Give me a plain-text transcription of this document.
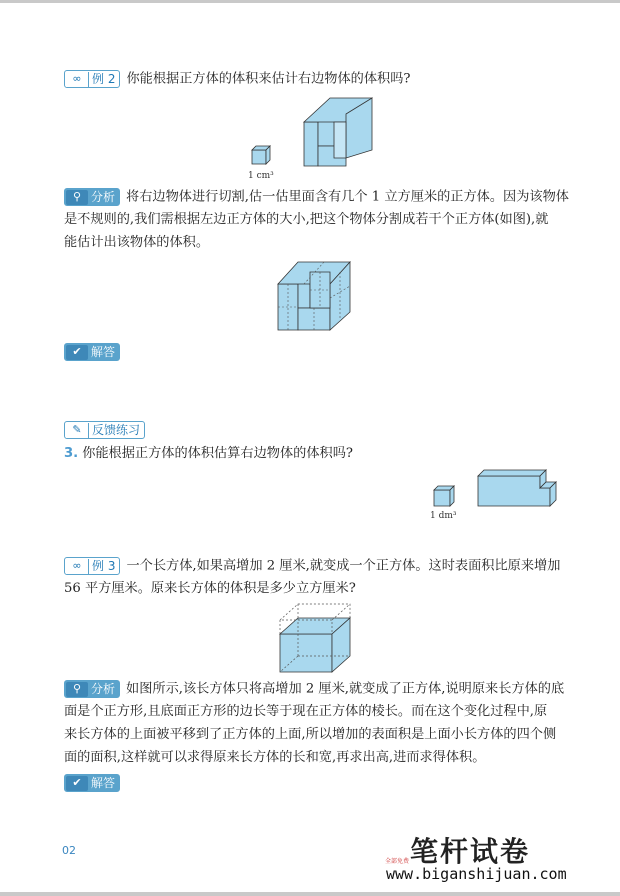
∞ 例 2 你能根据正方体的体积来估计右边物体的体积吗?
1 cm³
⚲ 分析 将右边物体进行切割,估一估里面含有几个 1 立方厘米的正方体。因为该物体
是不规则的,我们需根据左边正方体的大小,把这个物体分割成若干个正方体(如图),就
能估计出该物体的体积。
✔ 解答
✎ 反馈练习
3. 你能根据正方体的体积估算右边物体的体积吗?
1 dm³
∞ 例 3 一个长方体,如果高增加 2 厘米,就变成一个正方体。这时表面积比原来增加
56 平方厘米。原来长方体的体积是多少立方厘米?
⚲ 分析 如图所示,该长方体只将高增加 2 厘米,就变成了正方体,说明原来长方体的底
面是个正方形,且底面正方形的边长等于现在正方体的棱长。而在这个变化过程中,原
来长方体的上面被平移到了正方体的上面,所以增加的表面积是上面小长方体的四个侧
面的面积,这样就可以求得原来长方体的长和宽,再求出高,进而求得体积。
✔ 解答
02	笔杆试卷
全部免费
www.biganshijuan.com
